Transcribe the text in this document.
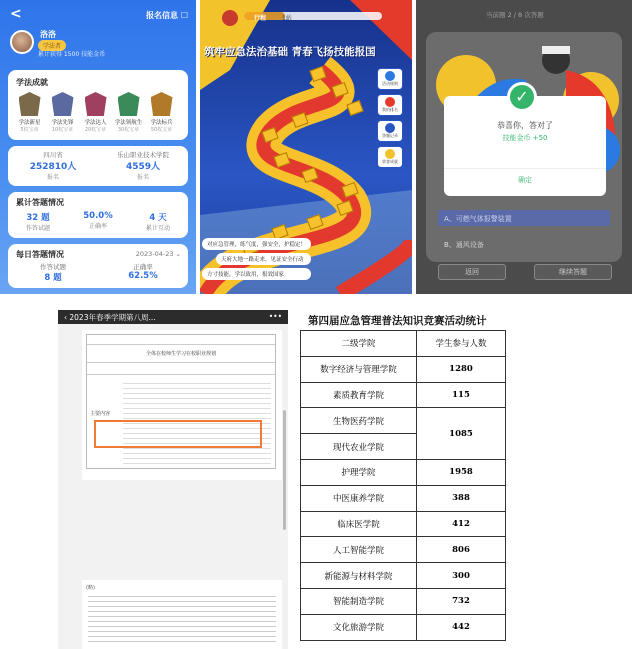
<	报名信息 ☐
洛洛
学法者
累计获得 1500 技能金币
学法成就
学法新星
5枚宝章
学法先锋
10枚宝章
学法达人
20枚宝章
学法领航生
30枚宝章
学法标兵
50枚宝章
四川省
252810人
报名
乐山职业技术学院
4559人
报名
累计答题情况
32 题
作答试题
50.0%
正确率
4 天
累计互动
每日答题情况	2023-04-23 ⌄
作答试题
8 题
正确率
62.5%
行程	1站
筑牢应急法治基础 青春飞扬技能报国
活动规则
我的排名
答题记录
荣誉成就
对应急管理，练气度，强安全，护稳定！
天府大地一路走来，见证安全行动
方寸技能，学以致用，报效国家
当前题 2 / 8 次答题
A、可燃气体报警装置
B、通风设备
返回	继续答题
✓
恭喜你，答对了
技能金币 +50
确定
‹ 2023年春季学期第八周...	•••
全体在校师生学习在校职业规划
主要内容
(略)
第四届应急管理普法知识竞赛活动统计
二级学院	学生参与人数
数字经济与管理学院	1280
素质教育学院	115
生物医药学院	1085
现代农业学院	
护理学院	1958
中医康养学院	388
临床医学院	412
人工智能学院	806
新能源与材料学院	300
智能制造学院	732
文化旅游学院	442
